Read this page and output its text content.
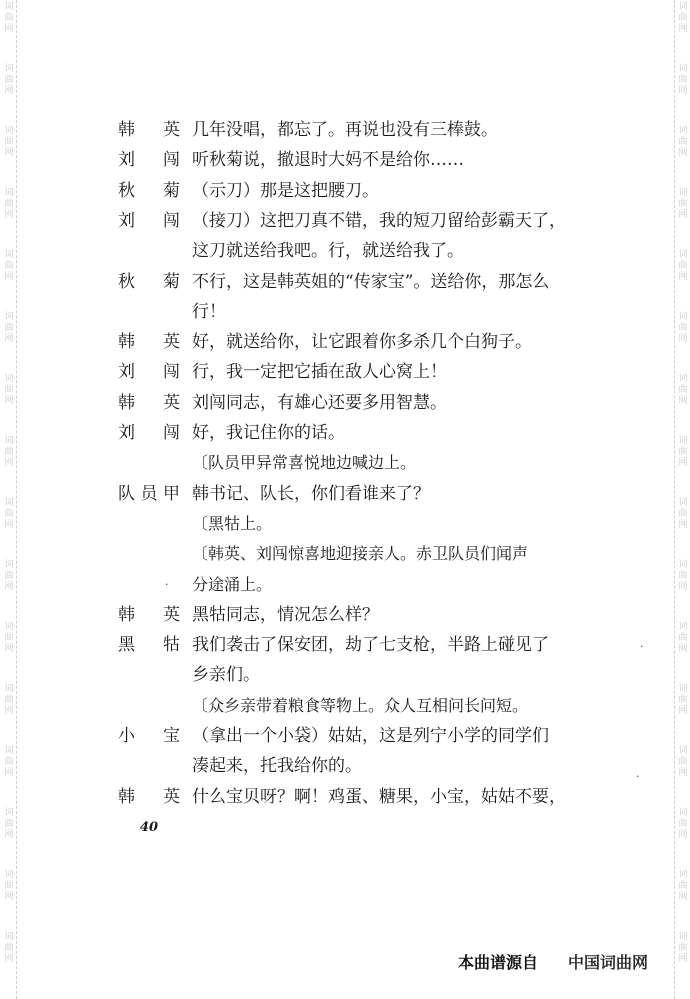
词
曲
网
词
曲
网
词
曲
网
词
曲
网
词
曲
网
词
曲
网
词
曲
网
词
曲
网
词
曲
网
词
曲
网
词
曲
网
词
曲
网
词
曲
网
词
曲
网
词
曲
网
词
曲
网
词
曲
网
词
曲
网
词
曲
网
词
曲
网
词
曲
网
词
曲
网
词
曲
网
词
曲
网
词
曲
网
词
曲
网
词
曲
网
词
曲
网
词
曲
网
词
曲
网
词
曲
网
词
曲
网
韩 英 几年没唱，都忘了。再说也没有三棒鼓。
刘 闯 听秋菊说，撤退时大妈不是给你……
秋 菊 （示刀）那是这把腰刀。
刘 闯 （接刀）这把刀真不错，我的短刀留给彭霸天了，
这刀就送给我吧。行，就送给我了。
秋 菊 不行，这是韩英姐的“传家宝”。送给你，那怎么
行！
韩 英 好，就送给你，让它跟着你多杀几个白狗子。
刘 闯 行，我一定把它插在敌人心窝上！
韩 英 刘闯同志，有雄心还要多用智慧。
刘 闯 好，我记住你的话。
〔队员甲异常喜悦地边喊边上。
队 员 甲 韩书记、队长，你们看谁来了？
〔黑牯上。
〔韩英、刘闯惊喜地迎接亲人。赤卫队员们闻声
分途涌上。
韩 英 黑牯同志，情况怎么样？
黑 牯 我们袭击了保安团，劫了七支枪，半路上碰见了
乡亲们。
〔众乡亲带着粮食等物上。众人互相问长问短。
小 宝 （拿出一个小袋）姑姑，这是列宁小学的同学们
凑起来，托我给你的。
韩 英 什么宝贝呀？啊！鸡蛋、糖果，小宝，姑姑不要，
·
·
·
40
本曲谱源自 中国词曲网
